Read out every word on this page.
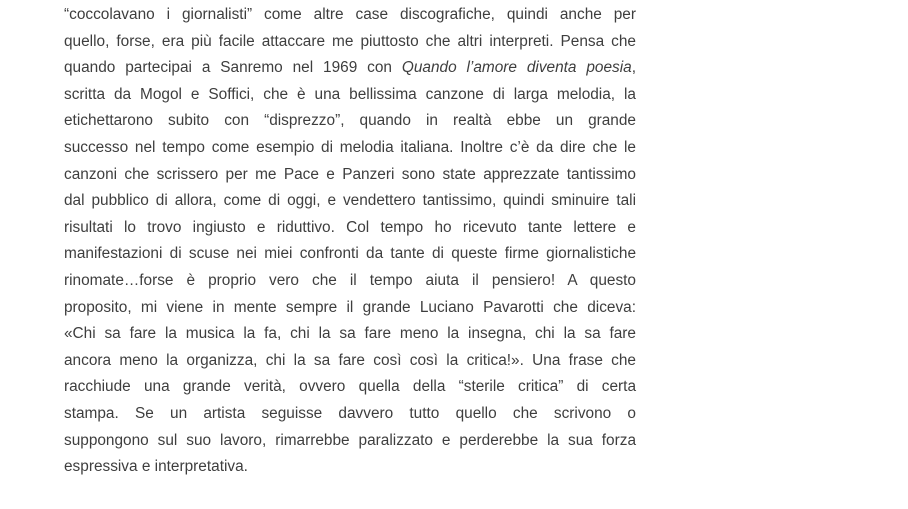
“coccolavano i giornalisti” come altre case discografiche, quindi anche per
quello, forse, era più facile attaccare me piuttosto che altri interpreti. Pensa che
quando partecipai a Sanremo nel 1969 con Quando l’amore diventa poesia,
scritta da Mogol e Soffici, che è una bellissima canzone di larga melodia, la
etichettarono subito con “disprezzo”, quando in realtà ebbe un grande
successo nel tempo come esempio di melodia italiana. Inoltre c’è da dire che le
canzoni che scrissero per me Pace e Panzeri sono state apprezzate tantissimo
dal pubblico di allora, come di oggi, e vendettero tantissimo, quindi sminuire tali
risultati lo trovo ingiusto e riduttivo. Col tempo ho ricevuto tante lettere e
manifestazioni di scuse nei miei confronti da tante di queste firme giornalistiche
rinomate…forse è proprio vero che il tempo aiuta il pensiero! A questo
proposito, mi viene in mente sempre il grande Luciano Pavarotti che diceva:
«Chi sa fare la musica la fa, chi la sa fare meno la insegna, chi la sa fare
ancora meno la organizza, chi la sa fare così così la critica!». Una frase che
racchiude una grande verità, ovvero quella della “sterile critica” di certa
stampa. Se un artista seguisse davvero tutto quello che scrivono o
suppongono sul suo lavoro, rimarrebbe paralizzato e perderebbe la sua forza
espressiva e interpretativa.
